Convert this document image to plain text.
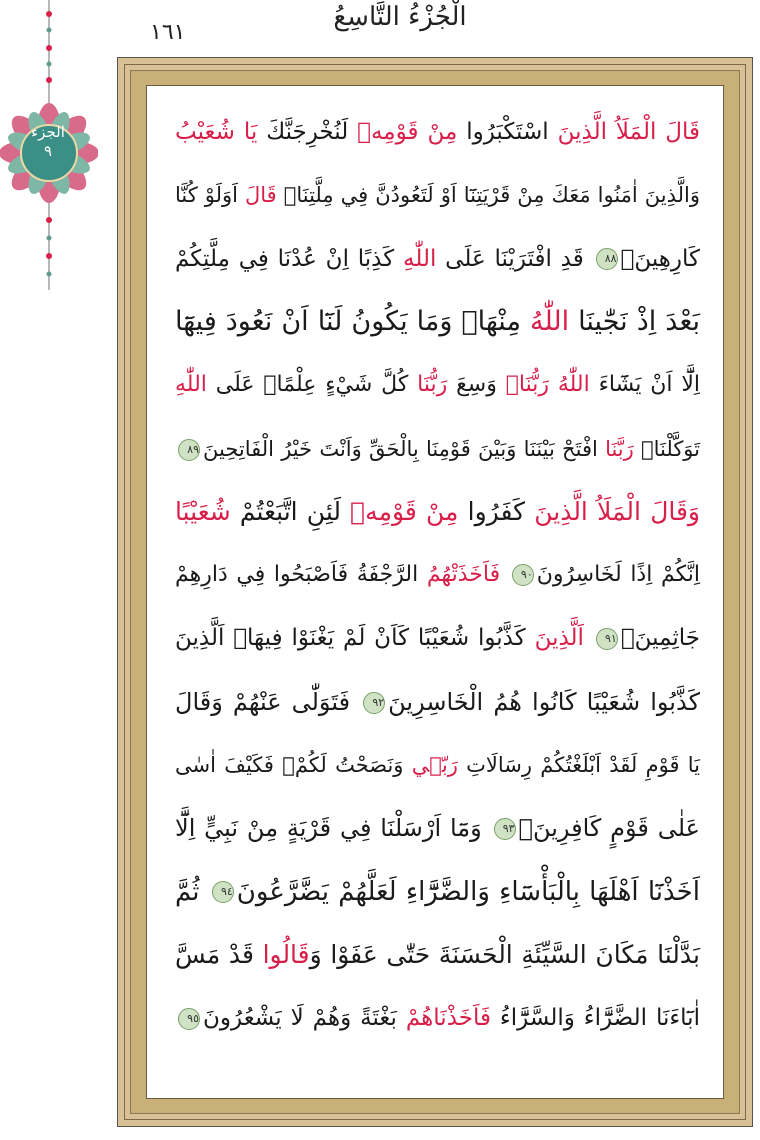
الْجُزْءُ التَّاسِعُ
١٦١
الجزء
٩
قَالَ الْمَلَاُ الَّذِينَ اسْتَكْبَرُوا مِنْ قَوْمِهٖ لَنُخْرِجَنَّكَ يَا شُعَيْبُ
وَالَّذِينَ اٰمَنُوا مَعَكَ مِنْ قَرْيَتِنَٓا اَوْ لَتَعُودُنَّ فِي مِلَّتِنَاۜ قَالَ اَوَلَوْ كُنَّا
كَارِهِينَۚ٨٨ قَدِ افْتَرَيْنَا عَلَى اللّٰهِ كَذِبًا اِنْ عُدْنَا فِي مِلَّتِكُمْ
بَعْدَ اِذْ نَجّٰينَا اللّٰهُ مِنْهَاۜ وَمَا يَكُونُ لَنَٓا اَنْ نَعُودَ فِيهَٓا
اِلَّٓا اَنْ يَشَٓاءَ اللّٰهُ رَبُّنَاۜ وَسِعَ رَبُّنَا كُلَّ شَيْءٍ عِلْمًاۜ عَلَى اللّٰهِ
تَوَكَّلْنَاۜ رَبَّنَا افْتَحْ بَيْنَنَا وَبَيْنَ قَوْمِنَا بِالْحَقِّ وَاَنْتَ خَيْرُ الْفَاتِحِينَ٨٩
وَقَالَ الْمَلَاُ الَّذِينَ كَفَرُوا مِنْ قَوْمِهٖ لَئِنِ اتَّبَعْتُمْ شُعَيْبًا
اِنَّكُمْ اِذًا لَخَاسِرُونَ٩٠ فَاَخَذَتْهُمُ الرَّجْفَةُ فَاَصْبَحُوا فِي دَارِهِمْ
جَاثِمِينَۚ٩١ اَلَّذِينَ كَذَّبُوا شُعَيْبًا كَاَنْ لَمْ يَغْنَوْا فِيهَاۚ اَلَّذِينَ
كَذَّبُوا شُعَيْبًا كَانُوا هُمُ الْخَاسِرِينَ٩٢ فَتَوَلّٰى عَنْهُمْ وَقَالَ
يَا قَوْمِ لَقَدْ اَبْلَغْتُكُمْ رِسَالَاتِ رَبّ۪ي وَنَصَحْتُ لَكُمْۚ فَكَيْفَ اٰسٰى
عَلٰى قَوْمٍ كَافِرِينَ۟٩٣ وَمَٓا اَرْسَلْنَا فِي قَرْيَةٍ مِنْ نَبِيٍّ اِلَّٓا
اَخَذْنَٓا اَهْلَهَا بِالْبَأْسَٓاءِ وَالضَّرَّٓاءِ لَعَلَّهُمْ يَضَّرَّعُونَ٩٤ ثُمَّ
بَدَّلْنَا مَكَانَ السَّيِّئَةِ الْحَسَنَةَ حَتّٰى عَفَوْا وَقَالُوا قَدْ مَسَّ
اٰبَٓاءَنَا الضَّرَّٓاءُ وَالسَّرَّٓاءُ فَاَخَذْنَاهُمْ بَغْتَةً وَهُمْ لَا يَشْعُرُونَ٩٥
